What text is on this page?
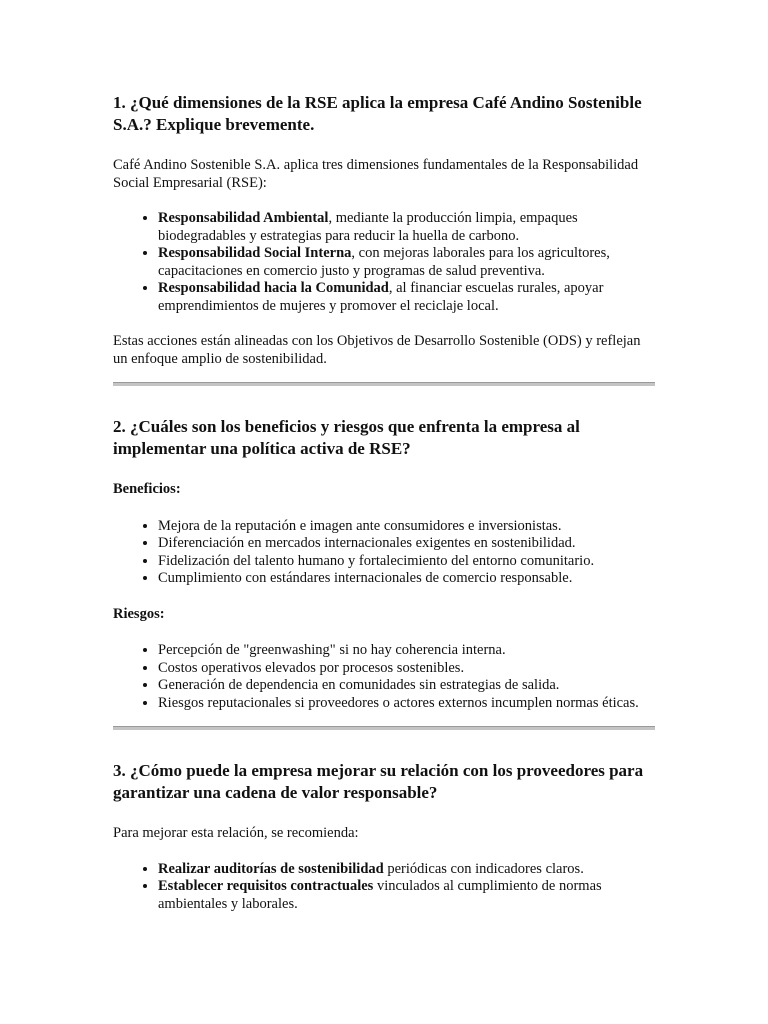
1. ¿Qué dimensiones de la RSE aplica la empresa Café Andino Sostenible S.A.? Explique brevemente.

Café Andino Sostenible S.A. aplica tres dimensiones fundamentales de la Responsabilidad Social Empresarial (RSE):

• Responsabilidad Ambiental, mediante la producción limpia, empaques biodegradables y estrategias para reducir la huella de carbono.
• Responsabilidad Social Interna, con mejoras laborales para los agricultores, capacitaciones en comercio justo y programas de salud preventiva.
• Responsabilidad hacia la Comunidad, al financiar escuelas rurales, apoyar emprendimientos de mujeres y promover el reciclaje local.

Estas acciones están alineadas con los Objetivos de Desarrollo Sostenible (ODS) y reflejan un enfoque amplio de sostenibilidad.

2. ¿Cuáles son los beneficios y riesgos que enfrenta la empresa al implementar una política activa de RSE?

Beneficios:

• Mejora de la reputación e imagen ante consumidores e inversionistas.
• Diferenciación en mercados internacionales exigentes en sostenibilidad.
• Fidelización del talento humano y fortalecimiento del entorno comunitario.
• Cumplimiento con estándares internacionales de comercio responsable.

Riesgos:

• Percepción de "greenwashing" si no hay coherencia interna.
• Costos operativos elevados por procesos sostenibles.
• Generación de dependencia en comunidades sin estrategias de salida.
• Riesgos reputacionales si proveedores o actores externos incumplen normas éticas.
3. ¿Cómo puede la empresa mejorar su relación con los proveedores para garantizar una cadena de valor responsable?

Para mejorar esta relación, se recomienda:

• Realizar auditorías de sostenibilidad periódicas con indicadores claros.
• Establecer requisitos contractuales vinculados al cumplimiento de normas ambientales y laborales.
